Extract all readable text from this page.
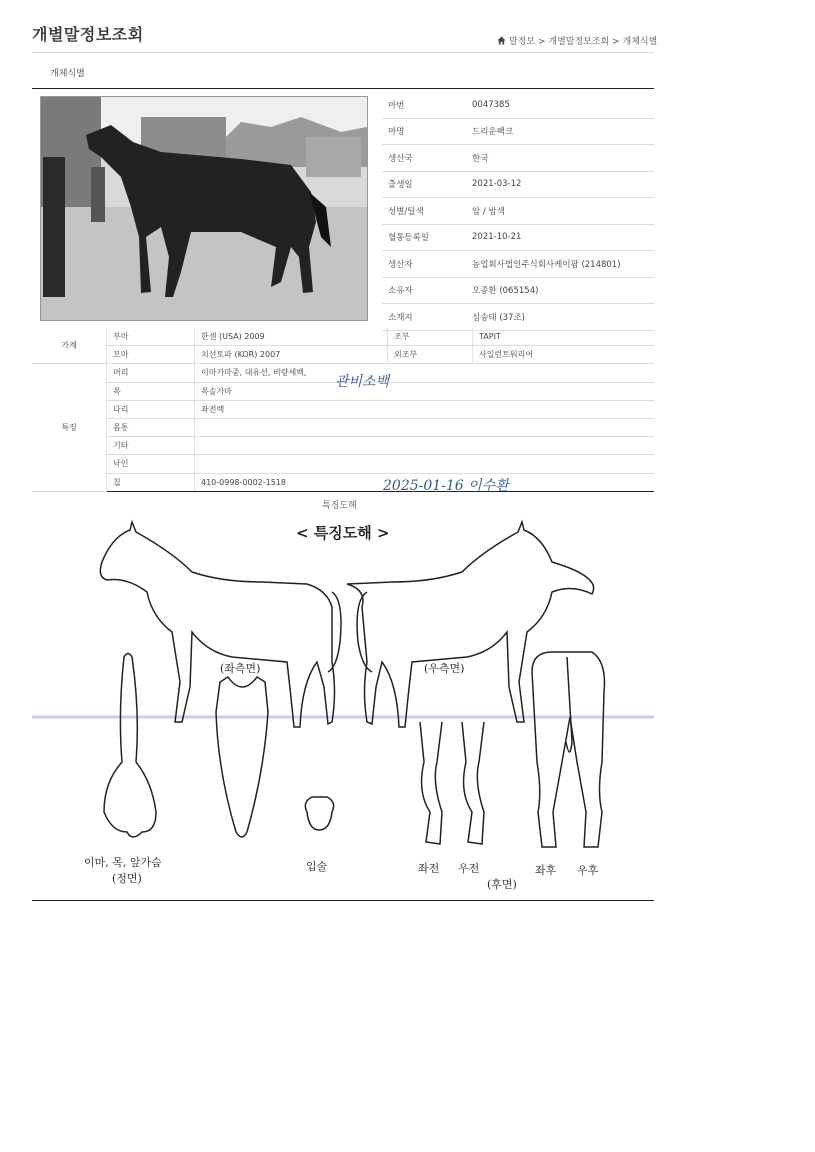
개별말정보조회	말정보 > 개별말정보조회 > 개체식별
개체식별
마번	0047385
마명	드리운팩크
생산국	한국
출생일	2021-03-12
성별/털색	암 / 밤색
혈통등록일	2021-10-21
생산자	농업회사법인주식회사케이팜 (214801)
소유자	오종환 (065154)
소재지	심승태 (37조)
가계	부마	한센 (USA) 2009	조부	TAPIT
	모마	치선토파 (KOR) 2007	외조부	사일런트워리어
특징	머리	이마가마중, 대유선, 비량세백,		
	목	목솔가마		
	다리	좌전백		
	몸통			
	기타			
	낙인			
	칩	410-0998-0002-1518		
관비소백
2025-01-16 이수환
특징도해
< 특징도해 >
(좌측면)	(우측면)
이마, 목, 앞가슴
(정면)
입술	좌전 우전
(후면)
좌후 우후
